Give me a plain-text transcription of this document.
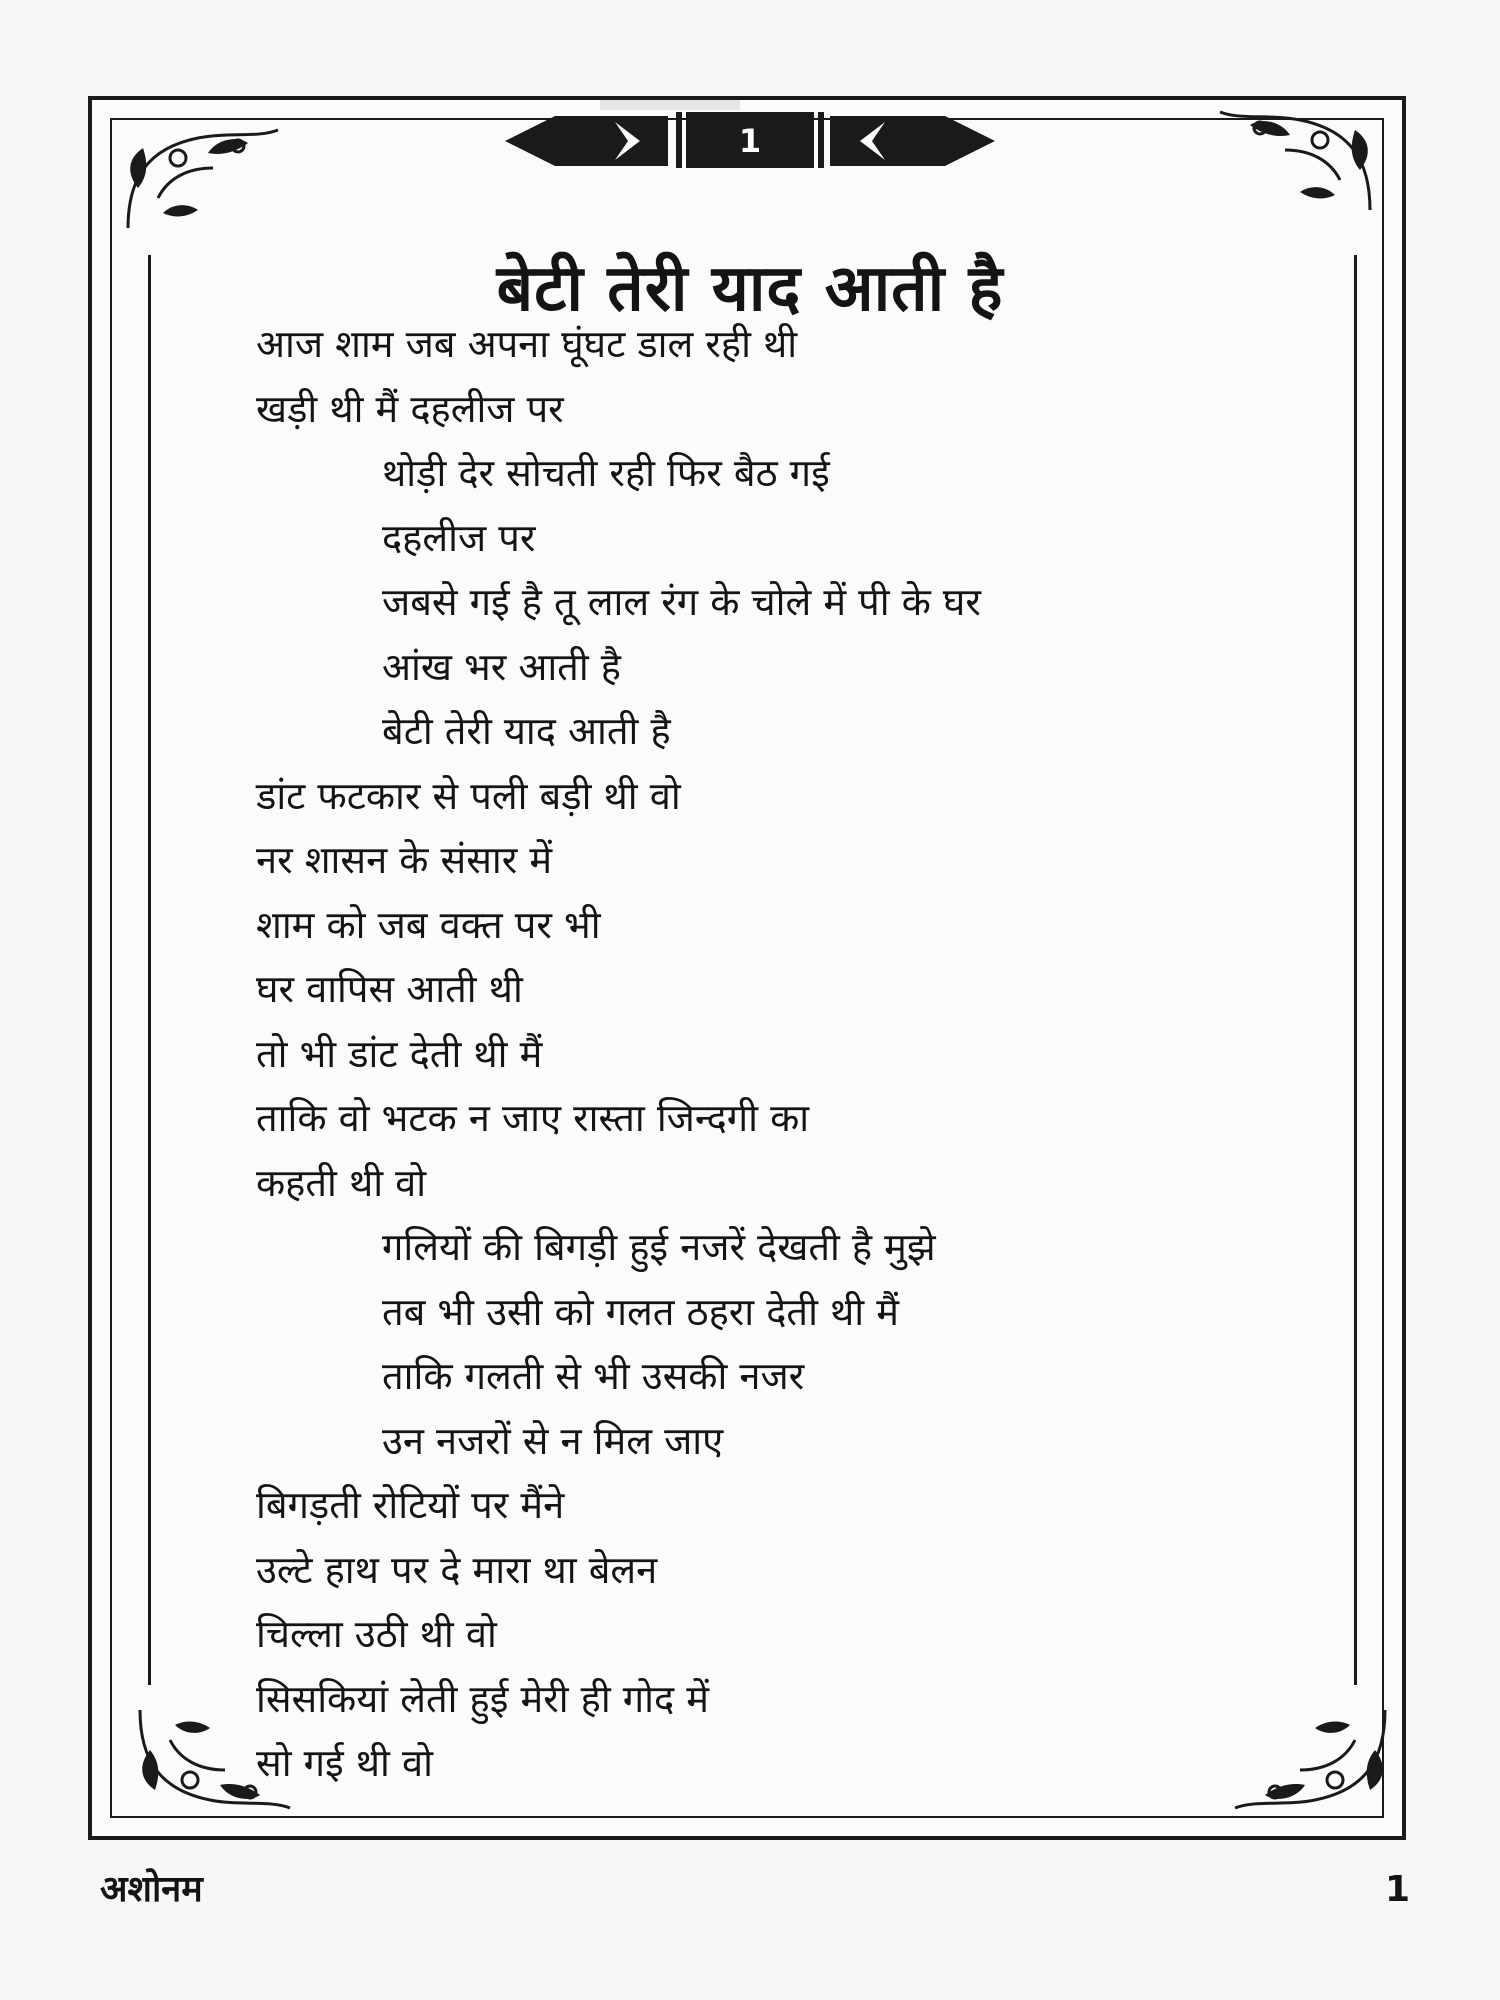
1
बेटी तेरी याद आती है
आज शाम जब अपना घूंघट डाल रही थी
खड़ी थी मैं दहलीज पर
थोड़ी देर सोचती रही फिर बैठ गई
दहलीज पर
जबसे गई है तू लाल रंग के चोले में पी के घर
आंख भर आती है
बेटी तेरी याद आती है
डांट फटकार से पली बड़ी थी वो
नर शासन के संसार में
शाम को जब वक्त पर भी
घर वापिस आती थी
तो भी डांट देती थी मैं
ताकि वो भटक न जाए रास्ता जिन्दगी का
कहती थी वो
गलियों की बिगड़ी हुई नजरें देखती है मुझे
तब भी उसी को गलत ठहरा देती थी मैं
ताकि गलती से भी उसकी नजर
उन नजरों से न मिल जाए
बिगड़ती रोटियों पर मैंने
उल्टे हाथ पर दे मारा था बेलन
चिल्ला उठी थी वो
सिसकियां लेती हुई मेरी ही गोद में
सो गई थी वो
अशोनम	1
